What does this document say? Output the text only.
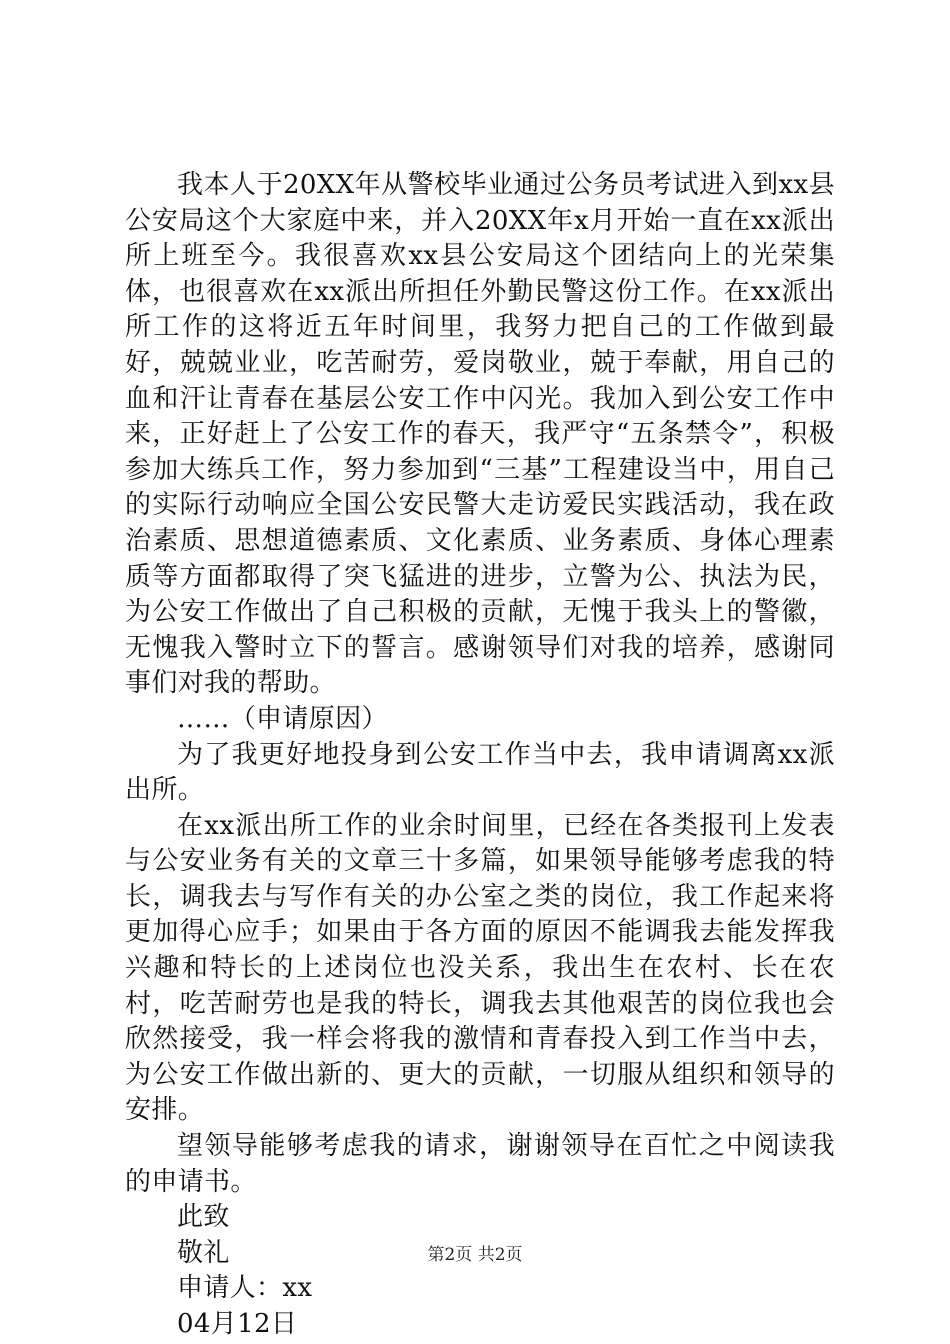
我本人于20XX年从警校毕业通过公务员考试进入到xx县公安局这个大家庭中来，并入20XX年x月开始一直在xx派出所上班至今。我很喜欢xx县公安局这个团结向上的光荣集体，也很喜欢在xx派出所担任外勤民警这份工作。在xx派出所工作的这将近五年时间里，我努力把自己的工作做到最好，兢兢业业，吃苦耐劳，爱岗敬业，兢于奉献，用自己的血和汗让青春在基层公安工作中闪光。我加入到公安工作中来，正好赶上了公安工作的春天，我严守“五条禁令”，积极参加大练兵工作，努力参加到“三基”工程建设当中，用自己的实际行动响应全国公安民警大走访爱民实践活动，我在政治素质、思想道德素质、文化素质、业务素质、身体心理素质等方面都取得了突飞猛进的进步，立警为公、执法为民，为公安工作做出了自己积极的贡献，无愧于我头上的警徽，无愧我入警时立下的誓言。感谢领导们对我的培养，感谢同事们对我的帮助。

……（申请原因）

为了我更好地投身到公安工作当中去，我申请调离xx派出所。

在xx派出所工作的业余时间里，已经在各类报刊上发表与公安业务有关的文章三十多篇，如果领导能够考虑我的特长，调我去与写作有关的办公室之类的岗位，我工作起来将更加得心应手；如果由于各方面的原因不能调我去能发挥我兴趣和特长的上述岗位也没关系，我出生在农村、长在农村，吃苦耐劳也是我的特长，调我去其他艰苦的岗位我也会欣然接受，我一样会将我的激情和青春投入到工作当中去，为公安工作做出新的、更大的贡献，一切服从组织和领导的安排。

望领导能够考虑我的请求，谢谢领导在百忙之中阅读我的申请书。

此致

敬礼

申请人：xx

04月12日

第2页 共2页
